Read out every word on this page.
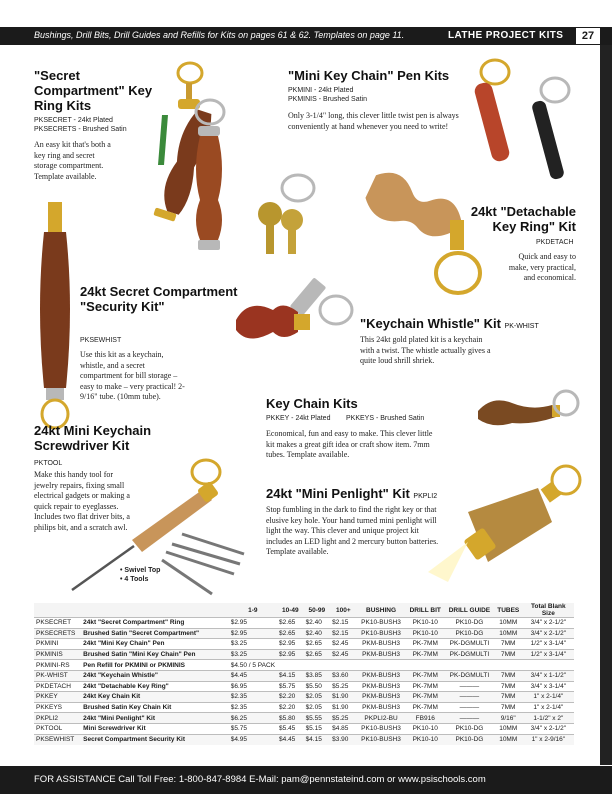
Bushings, Drill Bits, Drill Guides and Refills for Kits on pages 61 & 62. Templates on page 11.	LATHE PROJECT KITS	27
"Secret Compartment" Key Ring Kits
PKSECRET - 24kt Plated
PKSECRETS - Brushed Satin
An easy kit that's both a key ring and secret storage compartment. Template available.
"Mini Key Chain" Pen Kits
PKMINI - 24kt Plated
PKMINIS - Brushed Satin
Only 3-1/4" long, this clever little twist pen is always conveniently at hand whenever you need to write!
24kt "Detachable Key Ring" Kit
PKDETACH
Quick and easy to make, very practical, and economical.
24kt Secret Compartment "Security Kit"
PKSEWHIST
Use this kit as a keychain, whistle, and a secret compartment for bill storage – easy to make – very practical! 2-9/16" tube. (10mm tube).
"Keychain Whistle" Kit PK-WHIST
This 24kt gold plated kit is a keychain with a twist. The whistle actually gives a quite loud shrill shriek.
Key Chain Kits
PKKEY - 24kt Plated PKKEYS - Brushed Satin
Economical, fun and easy to make. This clever little kit makes a great gift idea or craft show item. 7mm tubes. Template available.
24kt Mini Keychain Screwdriver Kit
PKTOOL
Make this handy tool for jewelry repairs, fixing small electrical gadgets or making a quick repair to eyeglasses. Includes two flat driver bits, a philips bit, and a scratch awl.
• Swivel Top
• 4 Tools
24kt "Mini Penlight" Kit PKPLI2
Stop fumbling in the dark to find the right key or that elusive key hole. Your hand turned mini penlight will light the way. This clever and unique project kit includes an LED light and 2 mercury button batteries. Template available.
		1-9	10-49	50-99	100+	BUSHING	DRILL BIT	DRILL GUIDE	TUBES	Total Blank Size
PKSECRET	24kt "Secret Compartment" Ring	$2.95	$2.65	$2.40	$2.15	PK10-BUSH3	PK10-10	PK10-DG	10MM	3/4" x 2-1/2"
PKSECRETS	Brushed Satin "Secret Compartment"	$2.95	$2.65	$2.40	$2.15	PK10-BUSH3	PK10-10	PK10-DG	10MM	3/4" x 2-1/2"
PKMINI	24kt "Mini Key Chain" Pen	$3.25	$2.95	$2.65	$2.45	PKM-BUSH3	PK-7MM	PK-DGMULTI	7MM	1/2" x 3-1/4"
PKMINIS	Brushed Satin "Mini Key Chain" Pen	$3.25	$2.95	$2.65	$2.45	PKM-BUSH3	PK-7MM	PK-DGMULTI	7MM	1/2" x 3-1/4"
PKMINI-RS	Pen Refill for PKMINI or PKMINIS	$4.50 / 5 PACK								
PK-WHIST	24kt "Keychain Whistle"	$4.45	$4.15	$3.85	$3.60	PKM-BUSH3	PK-7MM	PK-DGMULTI	7MM	3/4" x 1-1/2"
PKDETACH	24kt "Detachable Key Ring"	$6.95	$5.75	$5.50	$5.25	PKM-BUSH3	PK-7MM	———	7MM	3/4" x 3-1/4"
PKKEY	24kt Key Chain Kit	$2.35	$2.20	$2.05	$1.90	PKM-BUSH3	PK-7MM	———	7MM	1" x 2-1/4"
PKKEYS	Brushed Satin Key Chain Kit	$2.35	$2.20	$2.05	$1.90	PKM-BUSH3	PK-7MM	———	7MM	1" x 2-1/4"
PKPLI2	24kt "Mini Penlight" Kit	$6.25	$5.80	$5.55	$5.25	PKPLI2-BU	FB916	———	9/16"	1-1/2" x 2"
PKTOOL	Mini Screwdriver Kit	$5.75	$5.45	$5.15	$4.85	PK10-BUSH3	PK10-10	PK10-DG	10MM	3/4" x 2-1/2"
PKSEWHIST	Secret Compartment Security Kit	$4.95	$4.45	$4.15	$3.90	PK10-BUSH3	PK10-10	PK10-DG	10MM	1" x 2-9/16"
FOR ASSISTANCE Call Toll Free: 1-800-847-8984 E-Mail: pam@pennstateind.com or www.psischools.com
